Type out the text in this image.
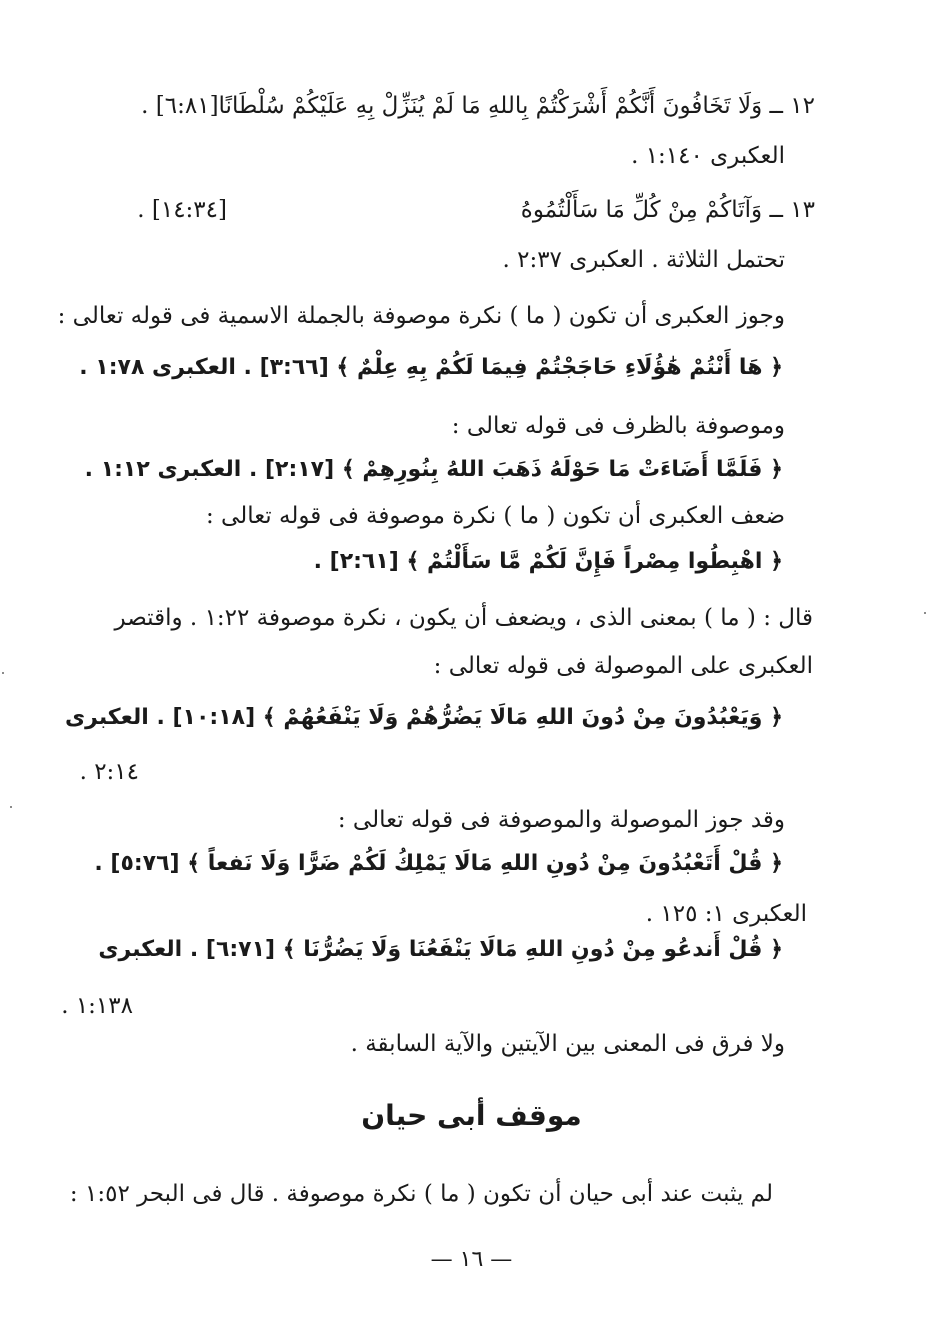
١٢ ــ وَلَا تَخَافُونَ أَنَّكُمْ أَشْرَكْتُمْ بِاللهِ مَا لَمْ يُنَزِّلْ بِهِ عَلَيْكُمْ سُلْطَانًا[٦:٨١] .
العكبرى ١:١٤٠ .
١٣ ــ وَآتَاكُمْ مِنْ كُلِّ مَا سَأَلْتُمُوهُ
[١٤:٣٤] .
تحتمل الثلاثة . العكبرى ٢:٣٧ .
وجوز العكبرى أن تكون ( ما ) نكرة موصوفة بالجملة الاسمية فى قوله تعالى :
﴿ هَا أَنْتُمْ هَٰؤُلَاءِ حَاجَجْتُمْ فِيمَا لَكُمْ بِهِ عِلْمٌ ﴾ [٣:٦٦] . العكبرى ١:٧٨ .
وموصوفة بالظرف فى قوله تعالى :
﴿ فَلَمَّا أَضَاءَتْ مَا حَوْلَهُ ذَهَبَ اللهُ بِنُورِهِمْ ﴾ [٢:١٧] . العكبرى ١:١٢ .
ضعف العكبرى أن تكون ( ما ) نكرة موصوفة فى قوله تعالى :
﴿ اهْبِطُوا مِصْراً فَإِنَّ لَكُمْ مَّا سَأَلْتُمْ ﴾ [٢:٦١] .
قال : ( ما ) بمعنى الذى ، ويضعف أن يكون ، نكرة موصوفة ١:٢٢ . واقتصر
العكبرى على الموصولة فى قوله تعالى :
﴿ وَيَعْبُدُونَ مِنْ دُونَ اللهِ مَالَا يَضُرُّهُمْ وَلَا يَنْفَعُهُمْ ﴾ [١٠:١٨] . العكبرى
٢:١٤ .
وقد جوز الموصولة والموصوفة فى قوله تعالى :
﴿ قُلْ أَتَعْبُدُونَ مِنْ دُونِ اللهِ مَالَا يَمْلِكُ لَكُمْ ضَرًّا وَلَا نَفعاً ﴾ [٥:٧٦] .
العكبرى ١: ١٢٥ .
﴿ قُلْ أَندعُو مِنْ دُونِ اللهِ مَالَا يَنْفَعُنَا وَلَا يَضُرُّنَا ﴾ [٦:٧١] . العكبرى
١:١٣٨ .
ولا فرق فى المعنى بين الآيتين والآية السابقة .
موقف أبى حيان
لم يثبت عند أبى حيان أن تكون ( ما ) نكرة موصوفة . قال فى البحر ١:٥٢ :
— ١٦ —
